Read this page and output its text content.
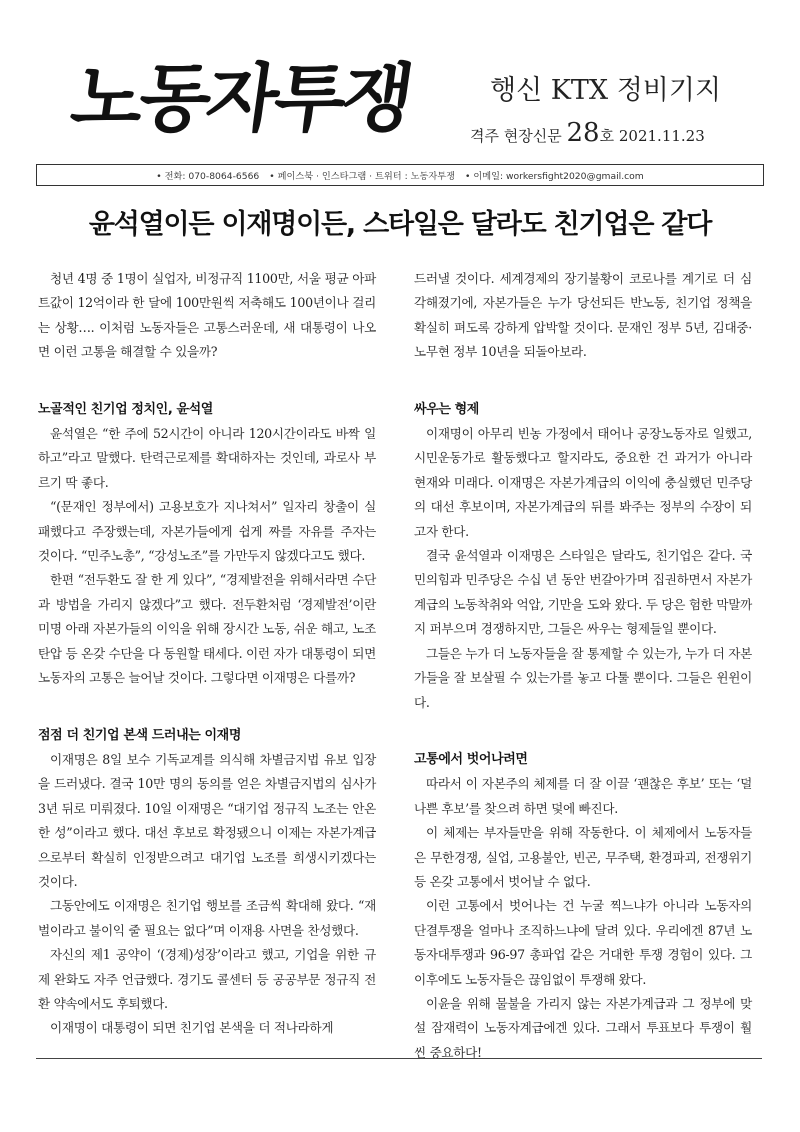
노동자투쟁	행신 KTX 정비기지
격주 현장신문 28호 2021.11.23
• 전화: 070-8064-6566	• 페이스북 · 인스타그램 · 트위터 : 노동자투쟁	• 이메일: workersfight2020@gmail.com
윤석열이든 이재명이든, 스타일은 달라도 친기업은 같다

청년 4명 중 1명이 실업자, 비정규직 1100만, 서울 평균 아파트값이 12억이라 한 달에 100만원씩 저축해도 100년이나 걸리는 상황…. 이처럼 노동자들은 고통스러운데, 새 대통령이 나오면 이런 고통을 해결할 수 있을까?

노골적인 친기업 정치인, 윤석열

윤석열은 “한 주에 52시간이 아니라 120시간이라도 바짝 일하고”라고 말했다. 탄력근로제를 확대하자는 것인데, 과로사 부르기 딱 좋다.

“(문재인 정부에서) 고용보호가 지나쳐서” 일자리 창출이 실패했다고 주장했는데, 자본가들에게 쉽게 짜를 자유를 주자는 것이다. “민주노총”, “강성노조”를 가만두지 않겠다고도 했다.

한편 “전두환도 잘 한 게 있다”, “경제발전을 위해서라면 수단과 방법을 가리지 않겠다”고 했다. 전두환처럼 ‘경제발전’이란 미명 아래 자본가들의 이익을 위해 장시간 노동, 쉬운 해고, 노조 탄압 등 온갖 수단을 다 동원할 태세다. 이런 자가 대통령이 되면 노동자의 고통은 늘어날 것이다. 그렇다면 이재명은 다를까?

점점 더 친기업 본색 드러내는 이재명

이재명은 8일 보수 기독교계를 의식해 차별금지법 유보 입장을 드러냈다. 결국 10만 명의 동의를 얻은 차별금지법의 심사가 3년 뒤로 미뤄졌다. 10일 이재명은 “대기업 정규직 노조는 안온한 성”이라고 했다. 대선 후보로 확정됐으니 이제는 자본가계급으로부터 확실히 인정받으려고 대기업 노조를 희생시키겠다는 것이다.

그동안에도 이재명은 친기업 행보를 조금씩 확대해 왔다. “재벌이라고 불이익 줄 필요는 없다”며 이재용 사면을 찬성했다.

자신의 제1 공약이 ‘(경제)성장’이라고 했고, 기업을 위한 규제 완화도 자주 언급했다. 경기도 콜센터 등 공공부문 정규직 전환 약속에서도 후퇴했다.

이재명이 대통령이 되면 친기업 본색을 더 적나라하게

드러낼 것이다. 세계경제의 장기불황이 코로나를 계기로 더 심각해졌기에, 자본가들은 누가 당선되든 반노동, 친기업 정책을 확실히 펴도록 강하게 압박할 것이다. 문재인 정부 5년, 김대중·노무현 정부 10년을 되돌아보라.

싸우는 형제

이재명이 아무리 빈농 가정에서 태어나 공장노동자로 일했고, 시민운동가로 활동했다고 할지라도, 중요한 건 과거가 아니라 현재와 미래다. 이재명은 자본가계급의 이익에 충실했던 민주당의 대선 후보이며, 자본가계급의 뒤를 봐주는 정부의 수장이 되고자 한다.

결국 윤석열과 이재명은 스타일은 달라도, 친기업은 같다. 국민의힘과 민주당은 수십 년 동안 번갈아가며 집권하면서 자본가계급의 노동착취와 억압, 기만을 도와 왔다. 두 당은 험한 막말까지 퍼부으며 경쟁하지만, 그들은 싸우는 형제들일 뿐이다.

그들은 누가 더 노동자들을 잘 통제할 수 있는가, 누가 더 자본가들을 잘 보살필 수 있는가를 놓고 다툴 뿐이다. 그들은 윈윈이다.

고통에서 벗어나려면

따라서 이 자본주의 체제를 더 잘 이끌 ‘괜찮은 후보’ 또는 ‘덜 나쁜 후보’를 찾으려 하면 덫에 빠진다.

이 체제는 부자들만을 위해 작동한다. 이 체제에서 노동자들은 무한경쟁, 실업, 고용불안, 빈곤, 무주택, 환경파괴, 전쟁위기 등 온갖 고통에서 벗어날 수 없다.

이런 고통에서 벗어나는 건 누굴 찍느냐가 아니라 노동자의 단결투쟁을 얼마나 조직하느냐에 달려 있다. 우리에겐 87년 노동자대투쟁과 96-97 총파업 같은 거대한 투쟁 경험이 있다. 그 이후에도 노동자들은 끊임없이 투쟁해 왔다.

이윤을 위해 물불을 가리지 않는 자본가계급과 그 정부에 맞설 잠재력이 노동자계급에겐 있다. 그래서 투표보다 투쟁이 훨씬 중요하다!
